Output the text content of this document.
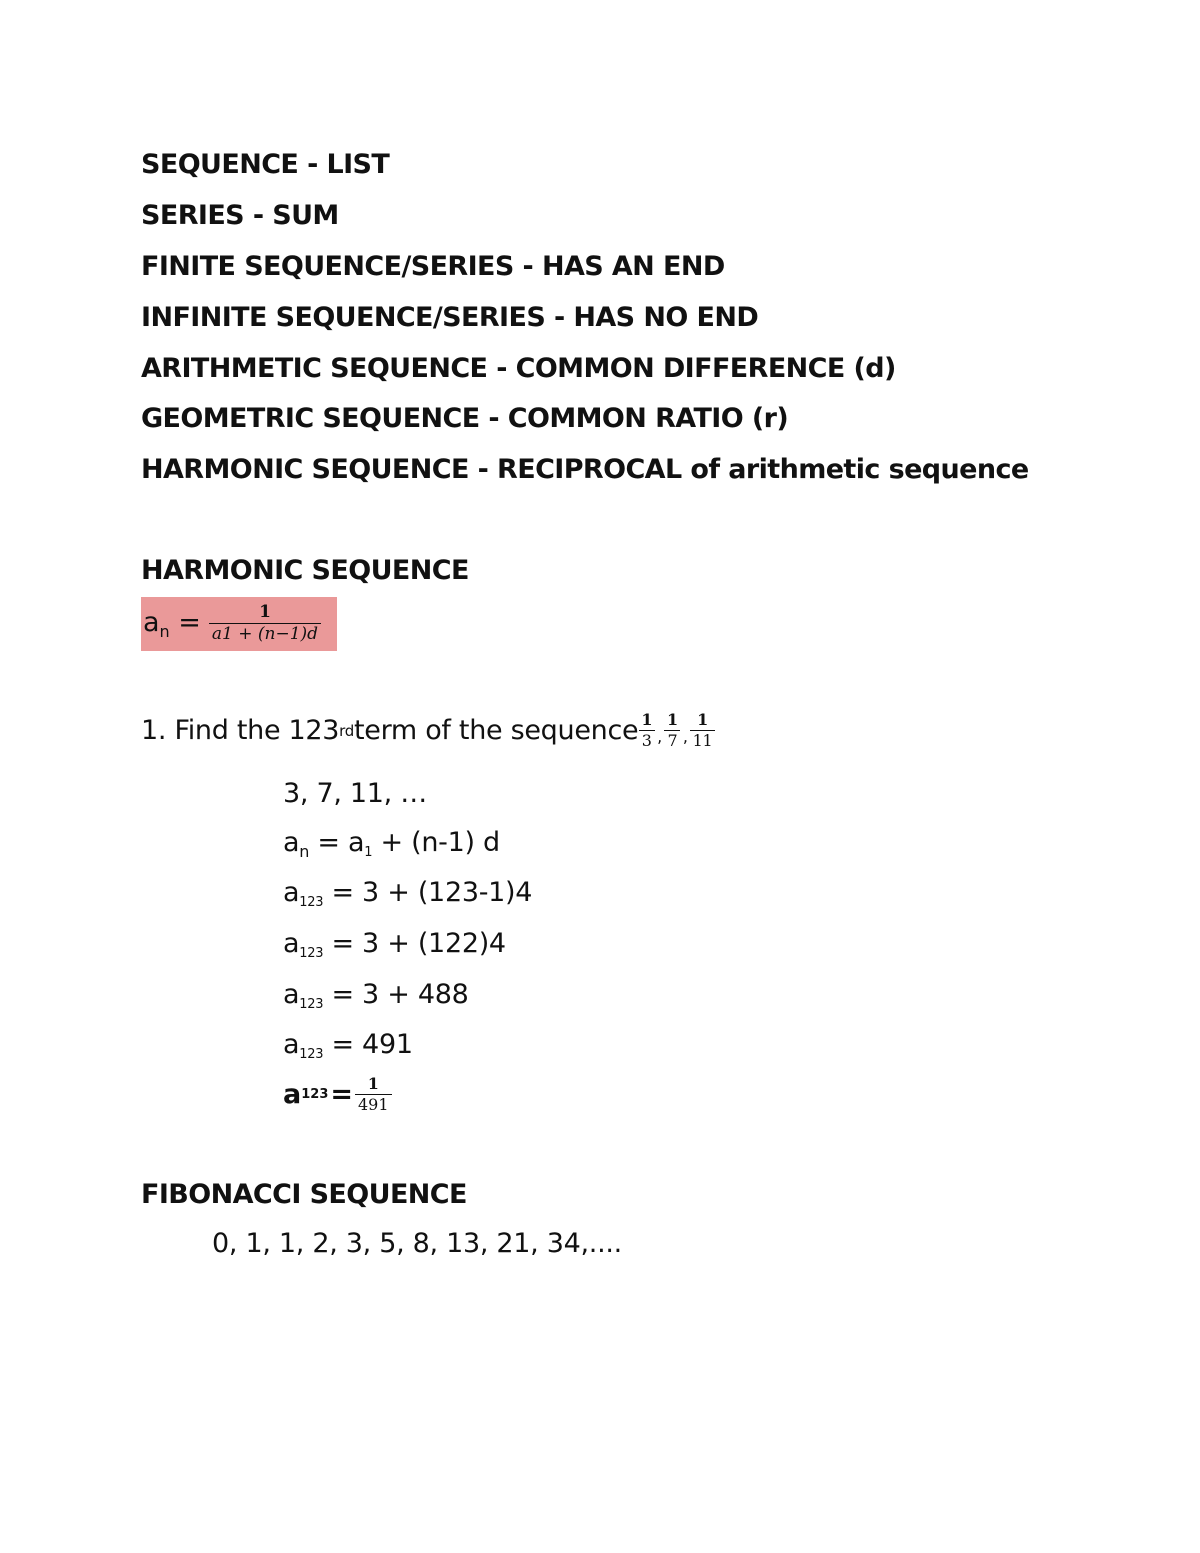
SEQUENCE - LIST
SERIES - SUM
FINITE SEQUENCE/SERIES - HAS AN END
INFINITE SEQUENCE/SERIES - HAS NO END
ARITHMETIC SEQUENCE - COMMON DIFFERENCE (d)
GEOMETRIC SEQUENCE - COMMON RATIO (r)
HARMONIC SEQUENCE - RECIPROCAL of arithmetic sequence
HARMONIC SEQUENCE
$a_n = \frac{1}{a1 + (n-1)d}$
1. Find the 123 rd term of the sequence $\frac{1}{3}$ , $\frac{1}{7}$ , $\frac{1}{11}$
3, 7, 11, …
$a_n = a1 + (n-1)$ d
a123 = 3 + (123-1)4
a123 = 3 + (122)4
a123 = 3 + 488
a123 = 491
a $123 = \frac{1}{491}$
FIBONACCI SEQUENCE
0, 1, 1, 2, 3, 5, 8, 13, 21, 34,....
